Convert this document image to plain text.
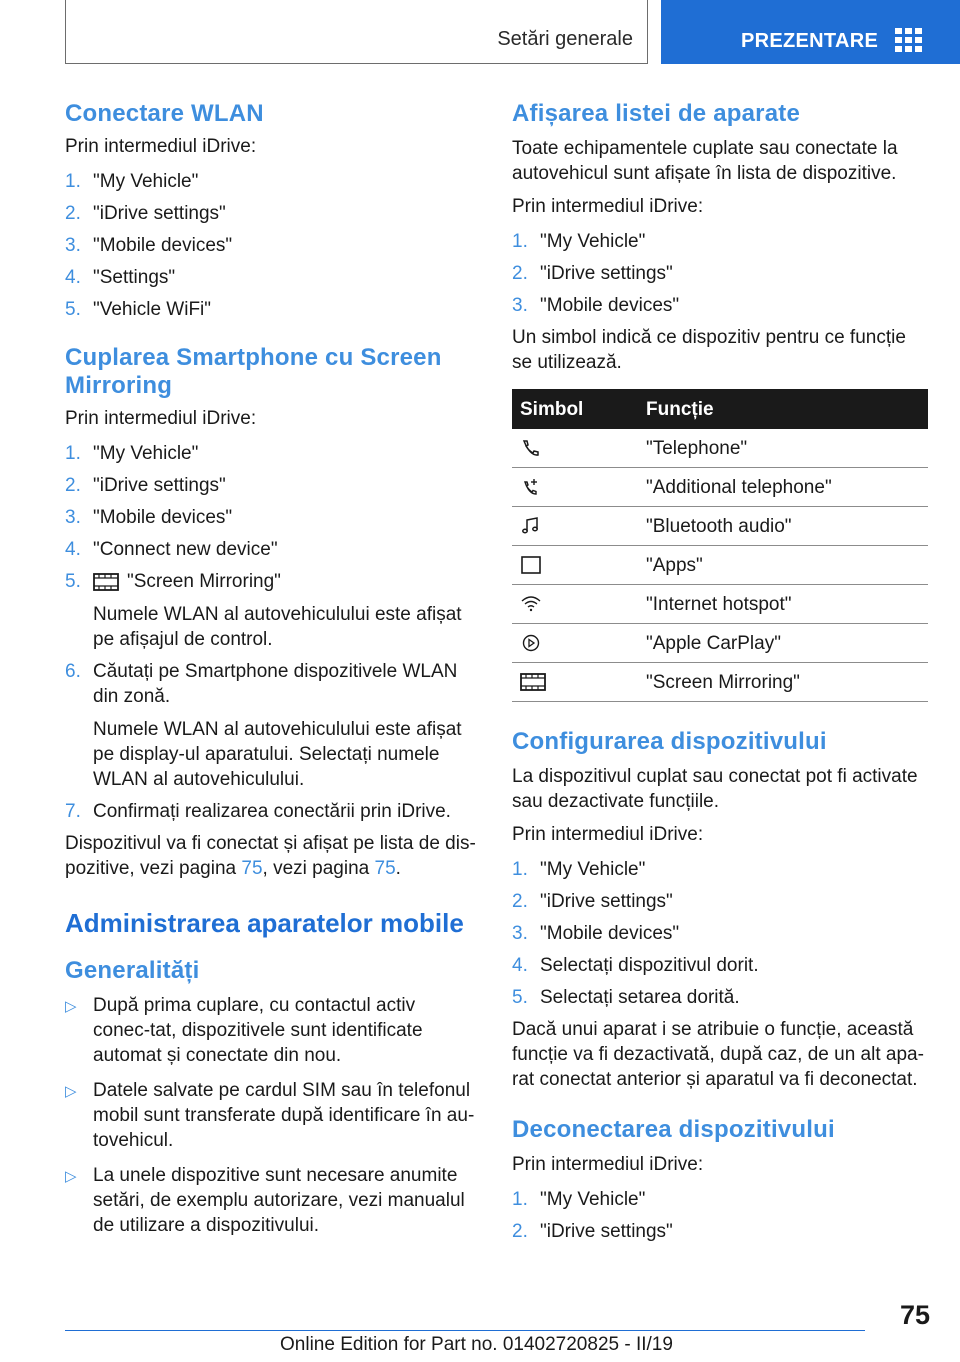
Setări generale	PREZENTARE
Conectare WLAN

Prin intermediul iDrive:

1. "My Vehicle"
2. "iDrive settings"
3. "Mobile devices"
4. "Settings"
5. "Vehicle WiFi"
Cuplarea Smartphone cu Screen Mirroring

Prin intermediul iDrive:

1. "My Vehicle"
2. "iDrive settings"
3. "Mobile devices"
4. "Connect new device"
5. "Screen Mirroring"
Numele WLAN al autovehiculului este afișat pe afișajul de control.
6. Căutați pe Smartphone dispozitivele WLAN din zonă.
Numele WLAN al autovehiculului este afișat pe display-ul aparatului. Selectați numele WLAN al autovehiculului.
7. Confirmați realizarea conectării prin iDrive.

Dispozitivul va fi conectat și afișat pe lista de dis-pozitive, vezi pagina 75, vezi pagina 75.

Administrarea aparatelor mobile
Generalități
▷ După prima cuplare, cu contactul activ conec-tat, dispozitivele sunt identificate automat și conectate din nou.
▷ Datele salvate pe cardul SIM sau în telefonul mobil sunt transferate după identificare în au-tovehicul.
▷ La unele dispozitive sunt necesare anumite setări, de exemplu autorizare, vezi manualul de utilizare a dispozitivului.
Afișarea listei de aparate

Toate echipamentele cuplate sau conectate la autovehicul sunt afișate în lista de dispozitive.

Prin intermediul iDrive:

1. "My Vehicle"
2. "iDrive settings"
3. "Mobile devices"

Un simbol indică ce dispozitiv pentru ce funcție se utilizează.

Simbol	Funcție
	"Telephone"
	"Additional telephone"
	"Bluetooth audio"
	"Apps"
	"Internet hotspot"
	"Apple CarPlay"
	"Screen Mirroring"
Configurarea dispozitivului

La dispozitivul cuplat sau conectat pot fi activate sau dezactivate funcțiile.

Prin intermediul iDrive:

1. "My Vehicle"
2. "iDrive settings"
3. "Mobile devices"
4. Selectați dispozitivul dorit.
5. Selectați setarea dorită.

Dacă unui aparat i se atribuie o funcție, această funcție va fi dezactivată, după caz, de un alt apa-rat conectat anterior și aparatul va fi deconectat.

Deconectarea dispozitivului

Prin intermediul iDrive:

1. "My Vehicle"
2. "iDrive settings"
75
Online Edition for Part no. 01402720825 - II/19
